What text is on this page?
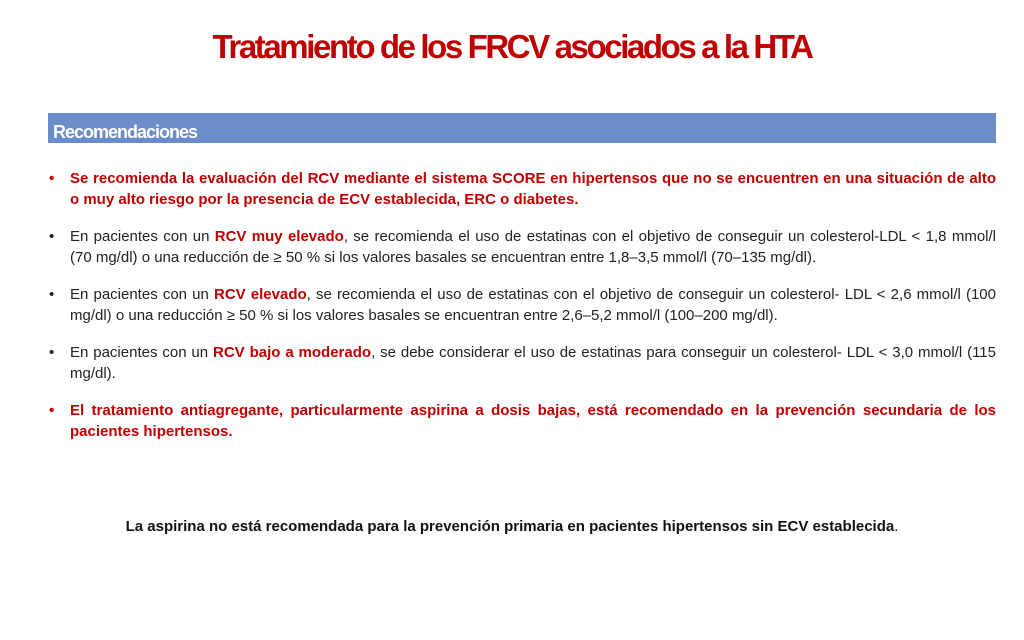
Tratamiento de los FRCV asociados a la HTA
Recomendaciones
• Se recomienda la evaluación del RCV mediante el sistema SCORE en hipertensos que no se encuentren en una situación de alto o muy alto riesgo por la presencia de ECV establecida, ERC o diabetes.
• En pacientes con un RCV muy elevado, se recomienda el uso de estatinas con el objetivo de conseguir un colesterol-LDL < 1,8 mmol/l (70 mg/dl) o una reducción de ≥ 50 % si los valores basales se encuentran entre 1,8–3,5 mmol/l (70–135 mg/dl).
• En pacientes con un RCV elevado, se recomienda el uso de estatinas con el objetivo de conseguir un colesterol- LDL < 2,6 mmol/l (100 mg/dl) o una reducción ≥ 50 % si los valores basales se encuentran entre 2,6–5,2 mmol/l (100–200 mg/dl).
• En pacientes con un RCV bajo a moderado, se debe considerar el uso de estatinas para conseguir un colesterol- LDL < 3,0 mmol/l (115 mg/dl).
• El tratamiento antiagregante, particularmente aspirina a dosis bajas, está recomendado en la prevención secundaria de los pacientes hipertensos.
La aspirina no está recomendada para la prevención primaria en pacientes hipertensos sin ECV establecida.
